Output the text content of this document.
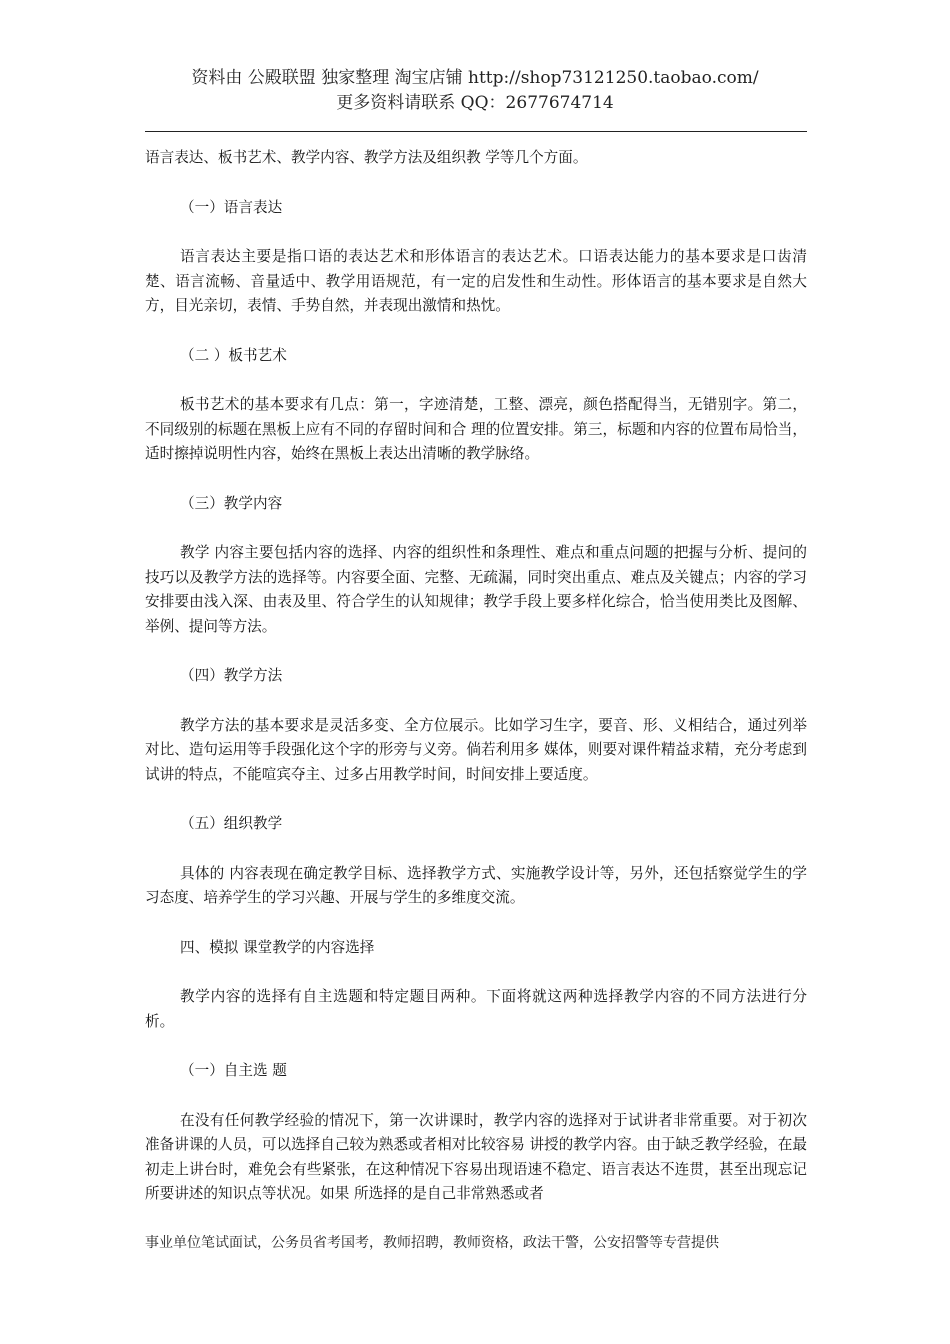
资料由 公殿联盟 独家整理 淘宝店铺 http://shop73121250.taobao.com/
更多资料请联系 QQ：2677674714

语言表达、板书艺术、教学内容、教学方法及组织教 学等几个方面。

（一）语言表达

语言表达主要是指口语的表达艺术和形体语言的表达艺术。口语表达能力的基本要求是口齿清楚、语言流畅、音量适中、教学用语规范，有一定的启发性和生动性。形体语言的基本要求是自然大方，目光亲切，表情、手势自然，并表现出激情和热忱。

（二 ）板书艺术

板书艺术的基本要求有几点：第一，字迹清楚，工整、漂亮，颜色搭配得当，无错别字。第二，不同级别的标题在黑板上应有不同的存留时间和合 理的位置安排。第三，标题和内容的位置布局恰当，适时擦掉说明性内容，始终在黑板上表达出清晰的教学脉络。

（三）教学内容

教学 内容主要包括内容的选择、内容的组织性和条理性、难点和重点问题的把握与分析、提问的技巧以及教学方法的选择等。内容要全面、完整、无疏漏，同时突出重点、难点及关键点；内容的学习安排要由浅入深、由表及里、符合学生的认知规律；教学手段上要多样化综合，恰当使用类比及图解、举例、提问等方法。

（四）教学方法

教学方法的基本要求是灵活多变、全方位展示。比如学习生字，要音、形、义相结合，通过列举对比、造句运用等手段强化这个字的形旁与义旁。倘若利用多 媒体，则要对课件精益求精，充分考虑到试讲的特点，不能喧宾夺主、过多占用教学时间，时间安排上要适度。

（五）组织教学

具体的 内容表现在确定教学目标、选择教学方式、实施教学设计等，另外，还包括察觉学生的学习态度、培养学生的学习兴趣、开展与学生的多维度交流。

四、模拟 课堂教学的内容选择

教学内容的选择有自主选题和特定题目两种。下面将就这两种选择教学内容的不同方法进行分析。

（一）自主选 题

在没有任何教学经验的情况下，第一次讲课时，教学内容的选择对于试讲者非常重要。对于初次准备讲课的人员，可以选择自己较为熟悉或者相对比较容易 讲授的教学内容。由于缺乏教学经验，在最初走上讲台时，难免会有些紧张，在这种情况下容易出现语速不稳定、语言表达不连贯，甚至出现忘记所要讲述的知识点等状况。如果 所选择的是自己非常熟悉或者

事业单位笔试面试，公务员省考国考，教师招聘，教师资格，政法干警，公安招警等专营提供
